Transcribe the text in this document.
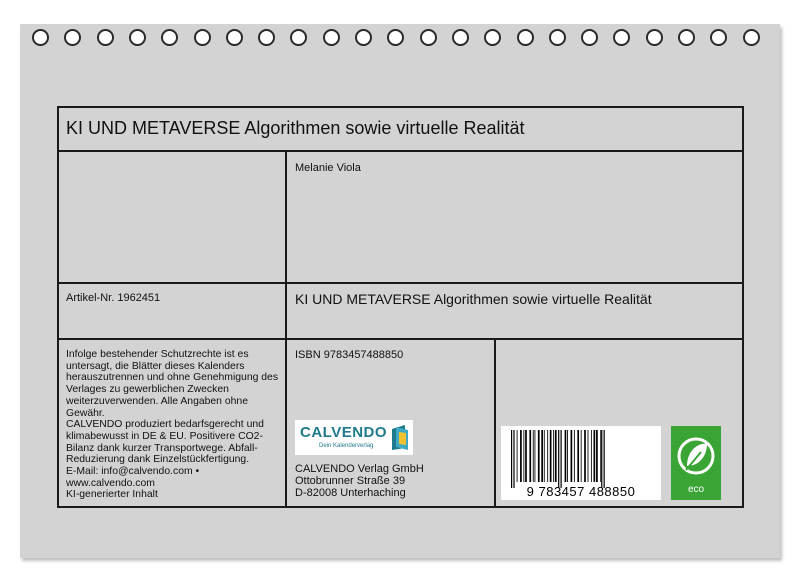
KI UND METAVERSE Algorithmen sowie virtuelle Realität
Melanie Viola
Artikel-Nr. 1962451	KI UND METAVERSE Algorithmen sowie virtuelle Realität
Infolge bestehender Schutzrechte ist es
untersagt, die Blätter dieses Kalenders
herauszutrennen und ohne Genehmigung des
Verlages zu gewerblichen Zwecken
weiterzuverwenden. Alle Angaben ohne
Gewähr.
CALVENDO produziert bedarfsgerecht und
klimabewusst in DE & EU. Positivere CO2-
Bilanz dank kurzer Transportwege. Abfall-
Reduzierung dank Einzelstückfertigung.
E-Mail: info@calvendo.com •
www.calvendo.com
KI-generierter Inhalt
ISBN 9783457488850
CALVENDO
Dein Kalenderverlag
CALVENDO Verlag GmbH
Ottobrunner Straße 39
D-82008 Unterhaching	9 783457 488850	eco
